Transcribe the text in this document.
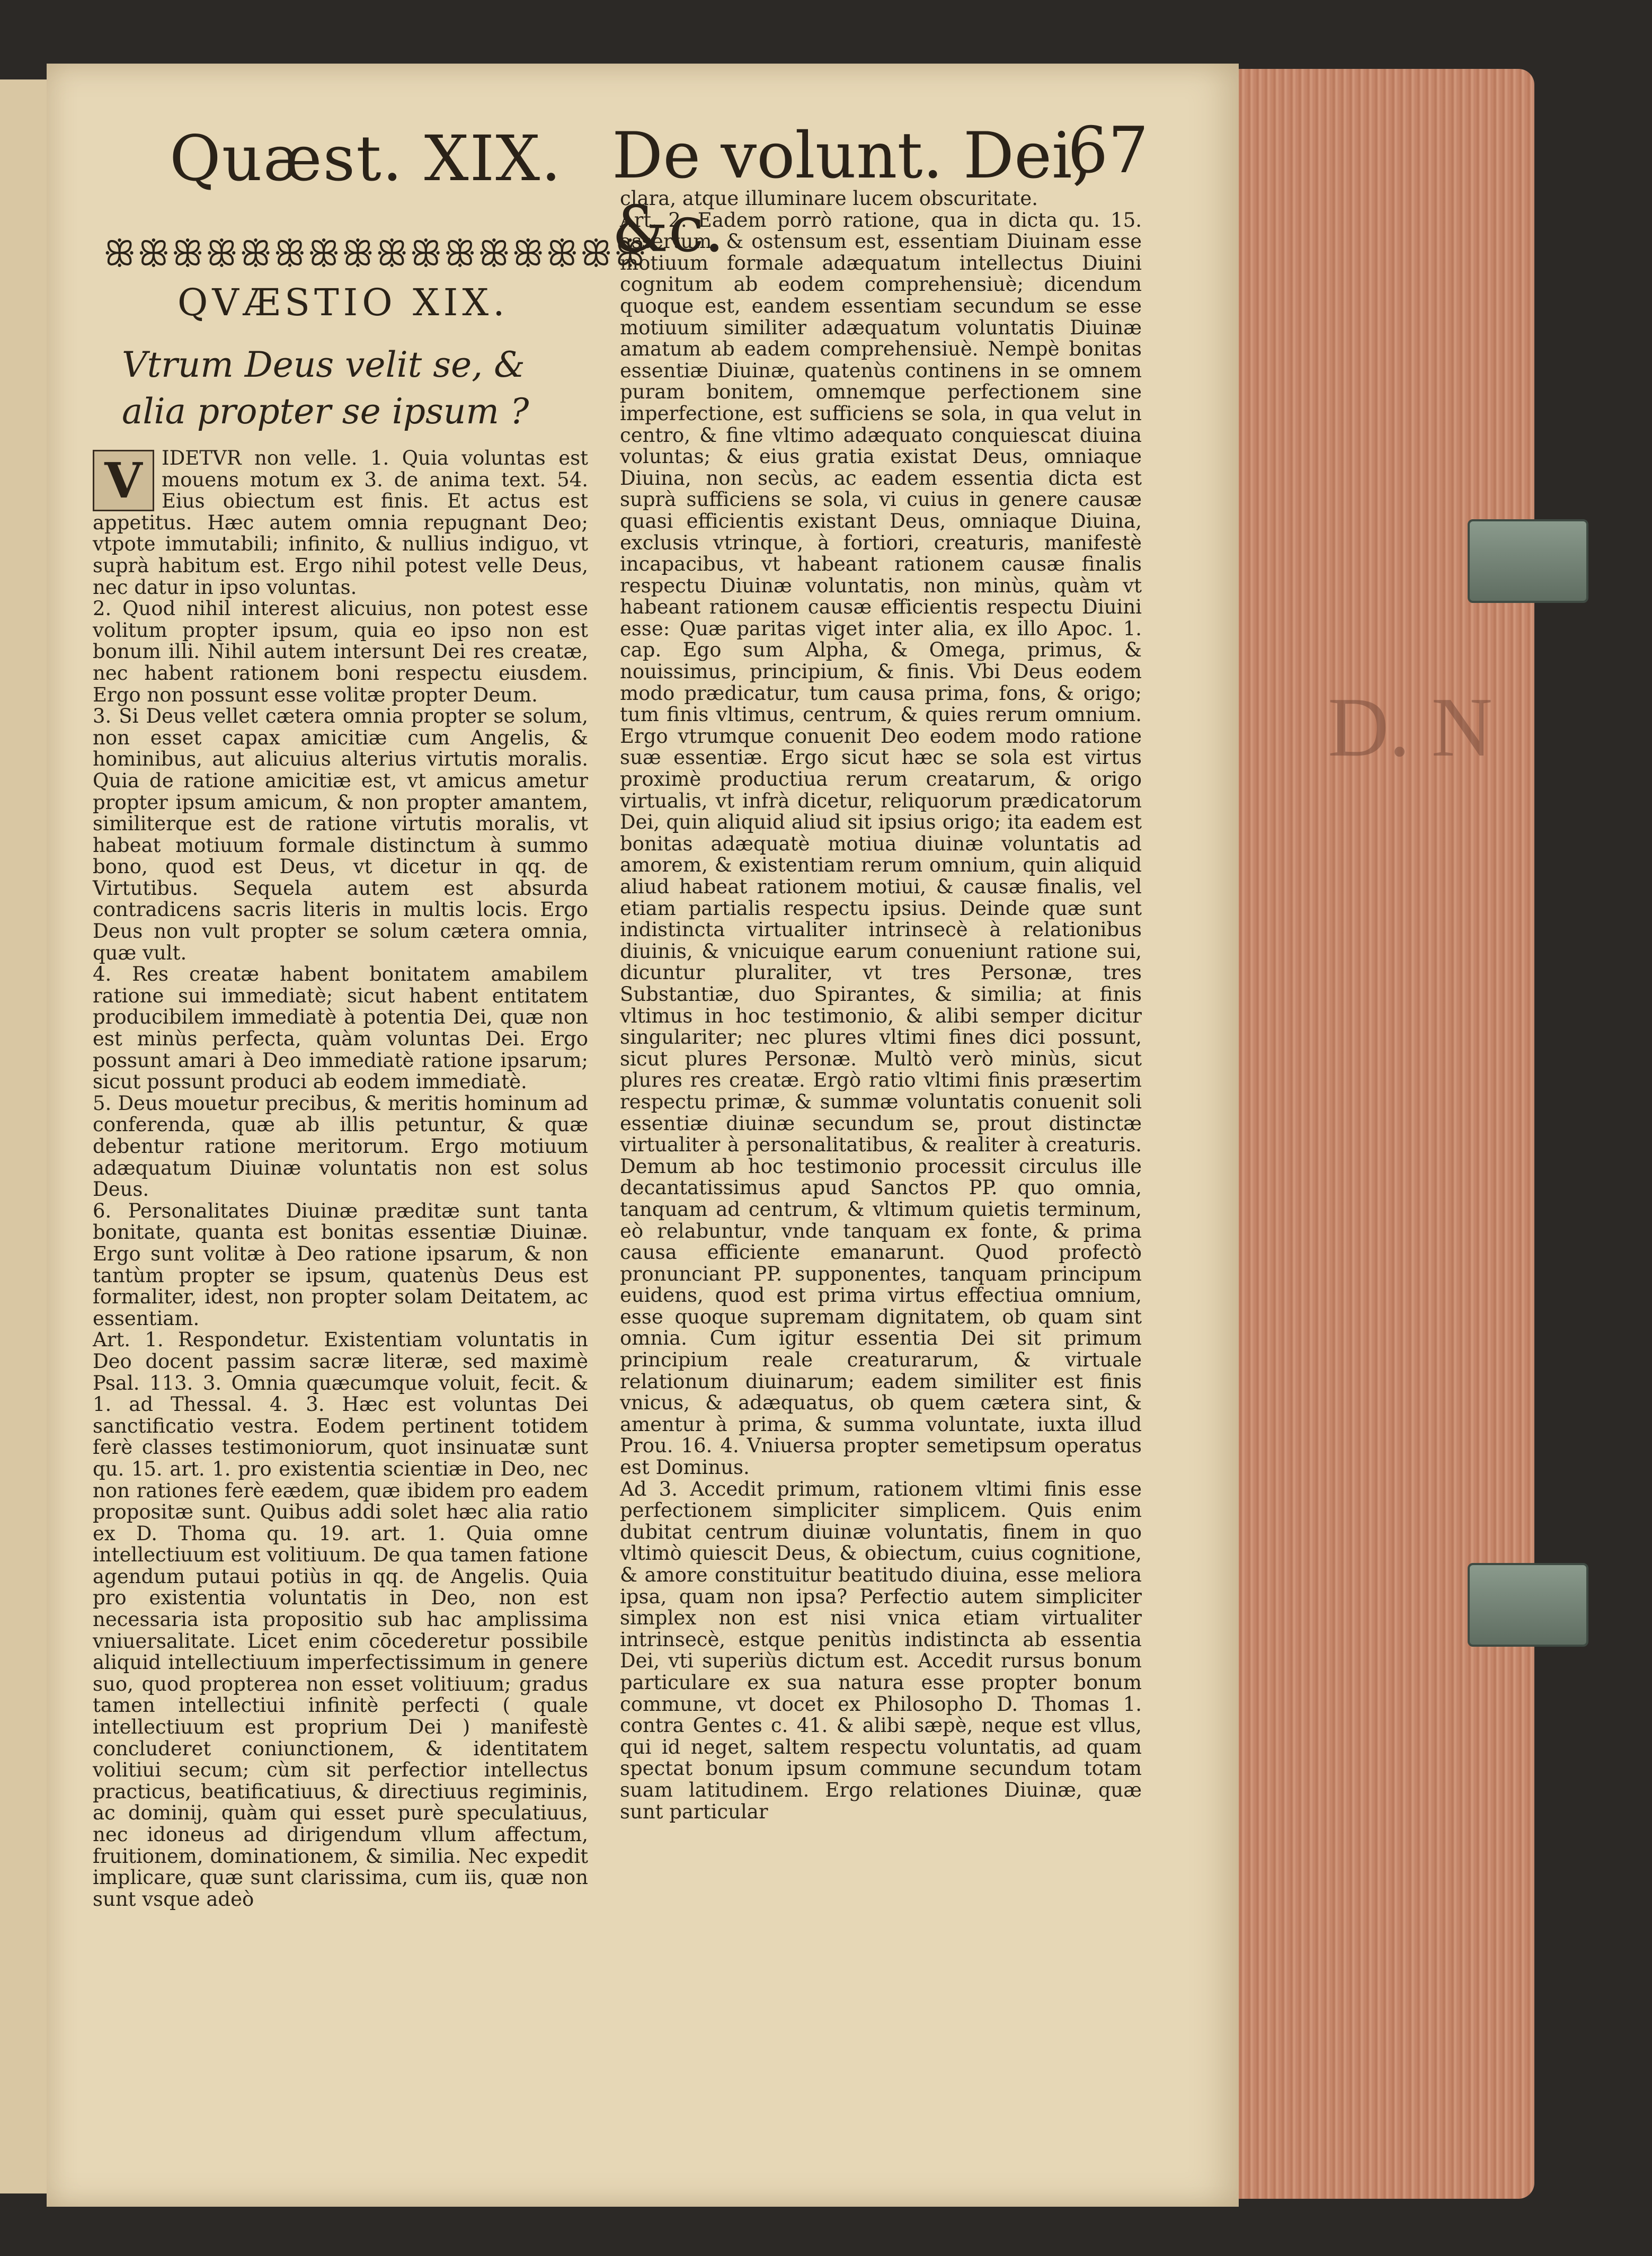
D. N
Quæst. XIX. De volunt. Dei, &c.
67
ꕥꕥꕥꕥꕥꕥꕥꕥꕥꕥꕥꕥꕥꕥꕥꕥ
QVÆSTIO XIX.
Vtrum Deus velit se, & alia propter se ipsum ?

V IDETVR non velle. 1. Quia voluntas est mouens motum ex 3. de anima text. 54. Eius obiectum est finis. Et actus est appetitus. Hæc autem omnia repugnant Deo; vtpote immutabili; infinito, & nullius indiguo, vt suprà habitum est. Ergo nihil potest velle Deus, nec datur in ipso voluntas.

2. Quod nihil interest alicuius, non potest esse volitum propter ipsum, quia eo ipso non est bonum illi. Nihil autem intersunt Dei res creatæ, nec habent rationem boni respectu eiusdem. Ergo non possunt esse volitæ propter Deum.

3. Si Deus vellet cætera omnia propter se solum, non esset capax amicitiæ cum Angelis, & hominibus, aut alicuius alterius virtutis moralis. Quia de ratione amicitiæ est, vt amicus ametur propter ipsum amicum, & non propter amantem, similiterque est de ratione virtutis moralis, vt habeat motiuum formale distinctum à summo bono, quod est Deus, vt dicetur in qq. de Virtutibus. Sequela autem est absurda contradicens sacris literis in multis locis. Ergo Deus non vult propter se solum cætera omnia, quæ vult.

4. Res creatæ habent bonitatem amabilem ratione sui immediatè; sicut habent entitatem producibilem immediatè à potentia Dei, quæ non est minùs perfecta, quàm voluntas Dei. Ergo possunt amari à Deo immediatè ratione ipsarum; sicut possunt produci ab eodem immediatè.

5. Deus mouetur precibus, & meritis hominum ad conferenda, quæ ab illis petuntur, & quæ debentur ratione meritorum. Ergo motiuum adæquatum Diuinæ voluntatis non est solus Deus.

6. Personalitates Diuinæ præditæ sunt tanta bonitate, quanta est bonitas essentiæ Diuinæ. Ergo sunt volitæ à Deo ratione ipsarum, & non tantùm propter se ipsum, quatenùs Deus est formaliter, idest, non propter solam Deitatem, ac essentiam.

Art. 1. Respondetur. Existentiam voluntatis in Deo docent passim sacræ literæ, sed maximè Psal. 113. 3. Omnia quæcumque voluit, fecit. & 1. ad Thessal. 4. 3. Hæc est voluntas Dei sanctificatio vestra. Eodem pertinent totidem ferè classes testimoniorum, quot insinuatæ sunt qu. 15. art. 1. pro existentia scientiæ in Deo, nec non rationes ferè eædem, quæ ibidem pro eadem propositæ sunt. Quibus addi solet hæc alia ratio ex D. Thoma qu. 19. art. 1. Quia omne intellectiuum est volitiuum. De qua tamen fatione agendum putaui potiùs in qq. de Angelis. Quia pro existentia voluntatis in Deo, non est necessaria ista propositio sub hac amplissima vniuersalitate. Licet enim cōcederetur possibile aliquid intellectiuum imperfectissimum in genere suo, quod propterea non esset volitiuum; gradus tamen intellectiui infinitè perfecti ( quale intellectiuum est proprium Dei ) manifestè concluderet coniunctionem, & identitatem volitiui secum; cùm sit perfectior intellectus practicus, beatificatiuus, & directiuus regiminis, ac dominij, quàm qui esset purè speculatiuus, nec idoneus ad dirigendum vllum affectum, fruitionem, dominationem, & similia. Nec expedit implicare, quæ sunt clarissima, cum iis, quæ non sunt vsque adeò

clara, atque illuminare lucem obscuritate.

Art. 2. Eadem porrò ratione, qua in dicta qu. 15. assertum, & ostensum est, essentiam Diuinam esse motiuum formale adæquatum intellectus Diuini cognitum ab eodem comprehensiuè; dicendum quoque est, eandem essentiam secundum se esse motiuum similiter adæquatum voluntatis Diuinæ amatum ab eadem comprehensiuè. Nempè bonitas essentiæ Diuinæ, quatenùs continens in se omnem puram bonitem, omnemque perfectionem sine imperfectione, est sufficiens se sola, in qua velut in centro, & fine vltimo adæquato conquiescat diuina voluntas; & eius gratia existat Deus, omniaque Diuina, non secùs, ac eadem essentia dicta est suprà sufficiens se sola, vi cuius in genere causæ quasi efficientis existant Deus, omniaque Diuina, exclusis vtrinque, à fortiori, creaturis, manifestè incapacibus, vt habeant rationem causæ finalis respectu Diuinæ voluntatis, non minùs, quàm vt habeant rationem causæ efficientis respectu Diuini esse: Quæ paritas viget inter alia, ex illo Apoc. 1. cap. Ego sum Alpha, & Omega, primus, & nouissimus, principium, & finis. Vbi Deus eodem modo prædicatur, tum causa prima, fons, & origo; tum finis vltimus, centrum, & quies rerum omnium. Ergo vtrumque conuenit Deo eodem modo ratione suæ essentiæ. Ergo sicut hæc se sola est virtus proximè productiua rerum creatarum, & origo virtualis, vt infrà dicetur, reliquorum prædicatorum Dei, quin aliquid aliud sit ipsius origo; ita eadem est bonitas adæquatè motiua diuinæ voluntatis ad amorem, & existentiam rerum omnium, quin aliquid aliud habeat rationem motiui, & causæ finalis, vel etiam partialis respectu ipsius. Deinde quæ sunt indistincta virtualiter intrinsecè à relationibus diuinis, & vnicuique earum conueniunt ratione sui, dicuntur pluraliter, vt tres Personæ, tres Substantiæ, duo Spirantes, & similia; at finis vltimus in hoc testimonio, & alibi semper dicitur singulariter; nec plures vltimi fines dici possunt, sicut plures Personæ. Multò verò minùs, sicut plures res creatæ. Ergò ratio vltimi finis præsertim respectu primæ, & summæ voluntatis conuenit soli essentiæ diuinæ secundum se, prout distinctæ virtualiter à personalitatibus, & realiter à creaturis. Demum ab hoc testimonio processit circulus ille decantatissimus apud Sanctos PP. quo omnia, tanquam ad centrum, & vltimum quietis terminum, eò relabuntur, vnde tanquam ex fonte, & prima causa efficiente emanarunt. Quod profectò pronunciant PP. supponentes, tanquam principum euidens, quod est prima virtus effectiua omnium, esse quoque supremam dignitatem, ob quam sint omnia. Cum igitur essentia Dei sit primum principium reale creaturarum, & virtuale relationum diuinarum; eadem similiter est finis vnicus, & adæquatus, ob quem cætera sint, & amentur à prima, & summa voluntate, iuxta illud Prou. 16. 4. Vniuersa propter semetipsum operatus est Dominus.

Ad 3. Accedit primum, rationem vltimi finis esse perfectionem simpliciter simplicem. Quis enim dubitat centrum diuinæ voluntatis, finem in quo vltimò quiescit Deus, & obiectum, cuius cognitione, & amore constituitur beatitudo diuina, esse meliora ipsa, quam non ipsa? Perfectio autem simpliciter simplex non est nisi vnica etiam virtualiter intrinsecè, estque penitùs indistincta ab essentia Dei, vti superiùs dictum est. Accedit rursus bonum particulare ex sua natura esse propter bonum commune, vt docet ex Philosopho D. Thomas 1. contra Gentes c. 41. & alibi sæpè, neque est vllus, qui id neget, saltem respectu voluntatis, ad quam spectat bonum ipsum commune secundum totam suam latitudinem. Ergo relationes Diuinæ, quæ sunt particular
